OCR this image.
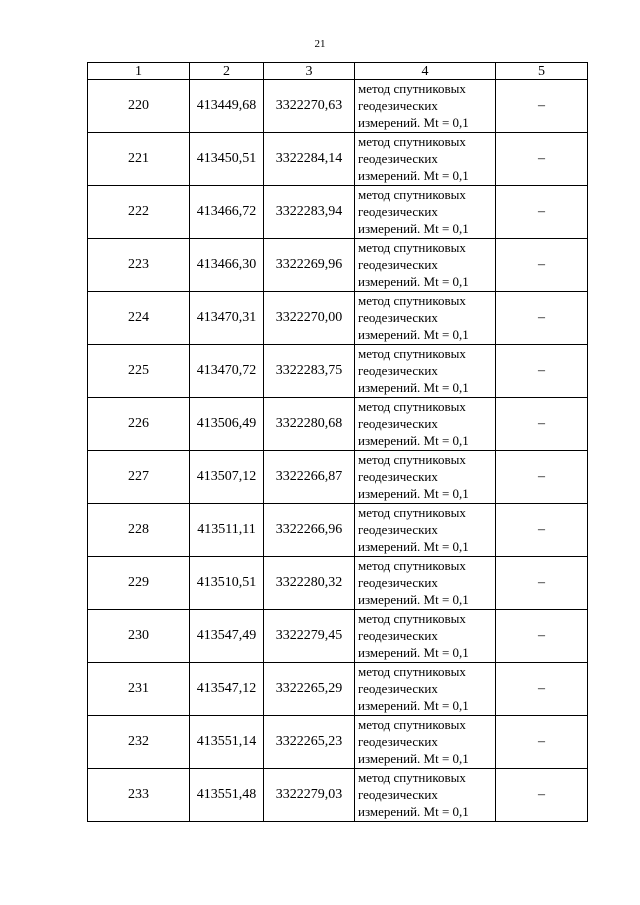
21
1	2	3	4	5
220	413449,68	3322270,63	метод спутниковых
геодезических
измерений. Mt = 0,1	–
221	413450,51	3322284,14	метод спутниковых
геодезических
измерений. Mt = 0,1	–
222	413466,72	3322283,94	метод спутниковых
геодезических
измерений. Mt = 0,1	–
223	413466,30	3322269,96	метод спутниковых
геодезических
измерений. Mt = 0,1	–
224	413470,31	3322270,00	метод спутниковых
геодезических
измерений. Mt = 0,1	–
225	413470,72	3322283,75	метод спутниковых
геодезических
измерений. Mt = 0,1	–
226	413506,49	3322280,68	метод спутниковых
геодезических
измерений. Mt = 0,1	–
227	413507,12	3322266,87	метод спутниковых
геодезических
измерений. Mt = 0,1	–
228	413511,11	3322266,96	метод спутниковых
геодезических
измерений. Mt = 0,1	–
229	413510,51	3322280,32	метод спутниковых
геодезических
измерений. Mt = 0,1	–
230	413547,49	3322279,45	метод спутниковых
геодезических
измерений. Mt = 0,1	–
231	413547,12	3322265,29	метод спутниковых
геодезических
измерений. Mt = 0,1	–
232	413551,14	3322265,23	метод спутниковых
геодезических
измерений. Mt = 0,1	–
233	413551,48	3322279,03	метод спутниковых
геодезических
измерений. Mt = 0,1	–
